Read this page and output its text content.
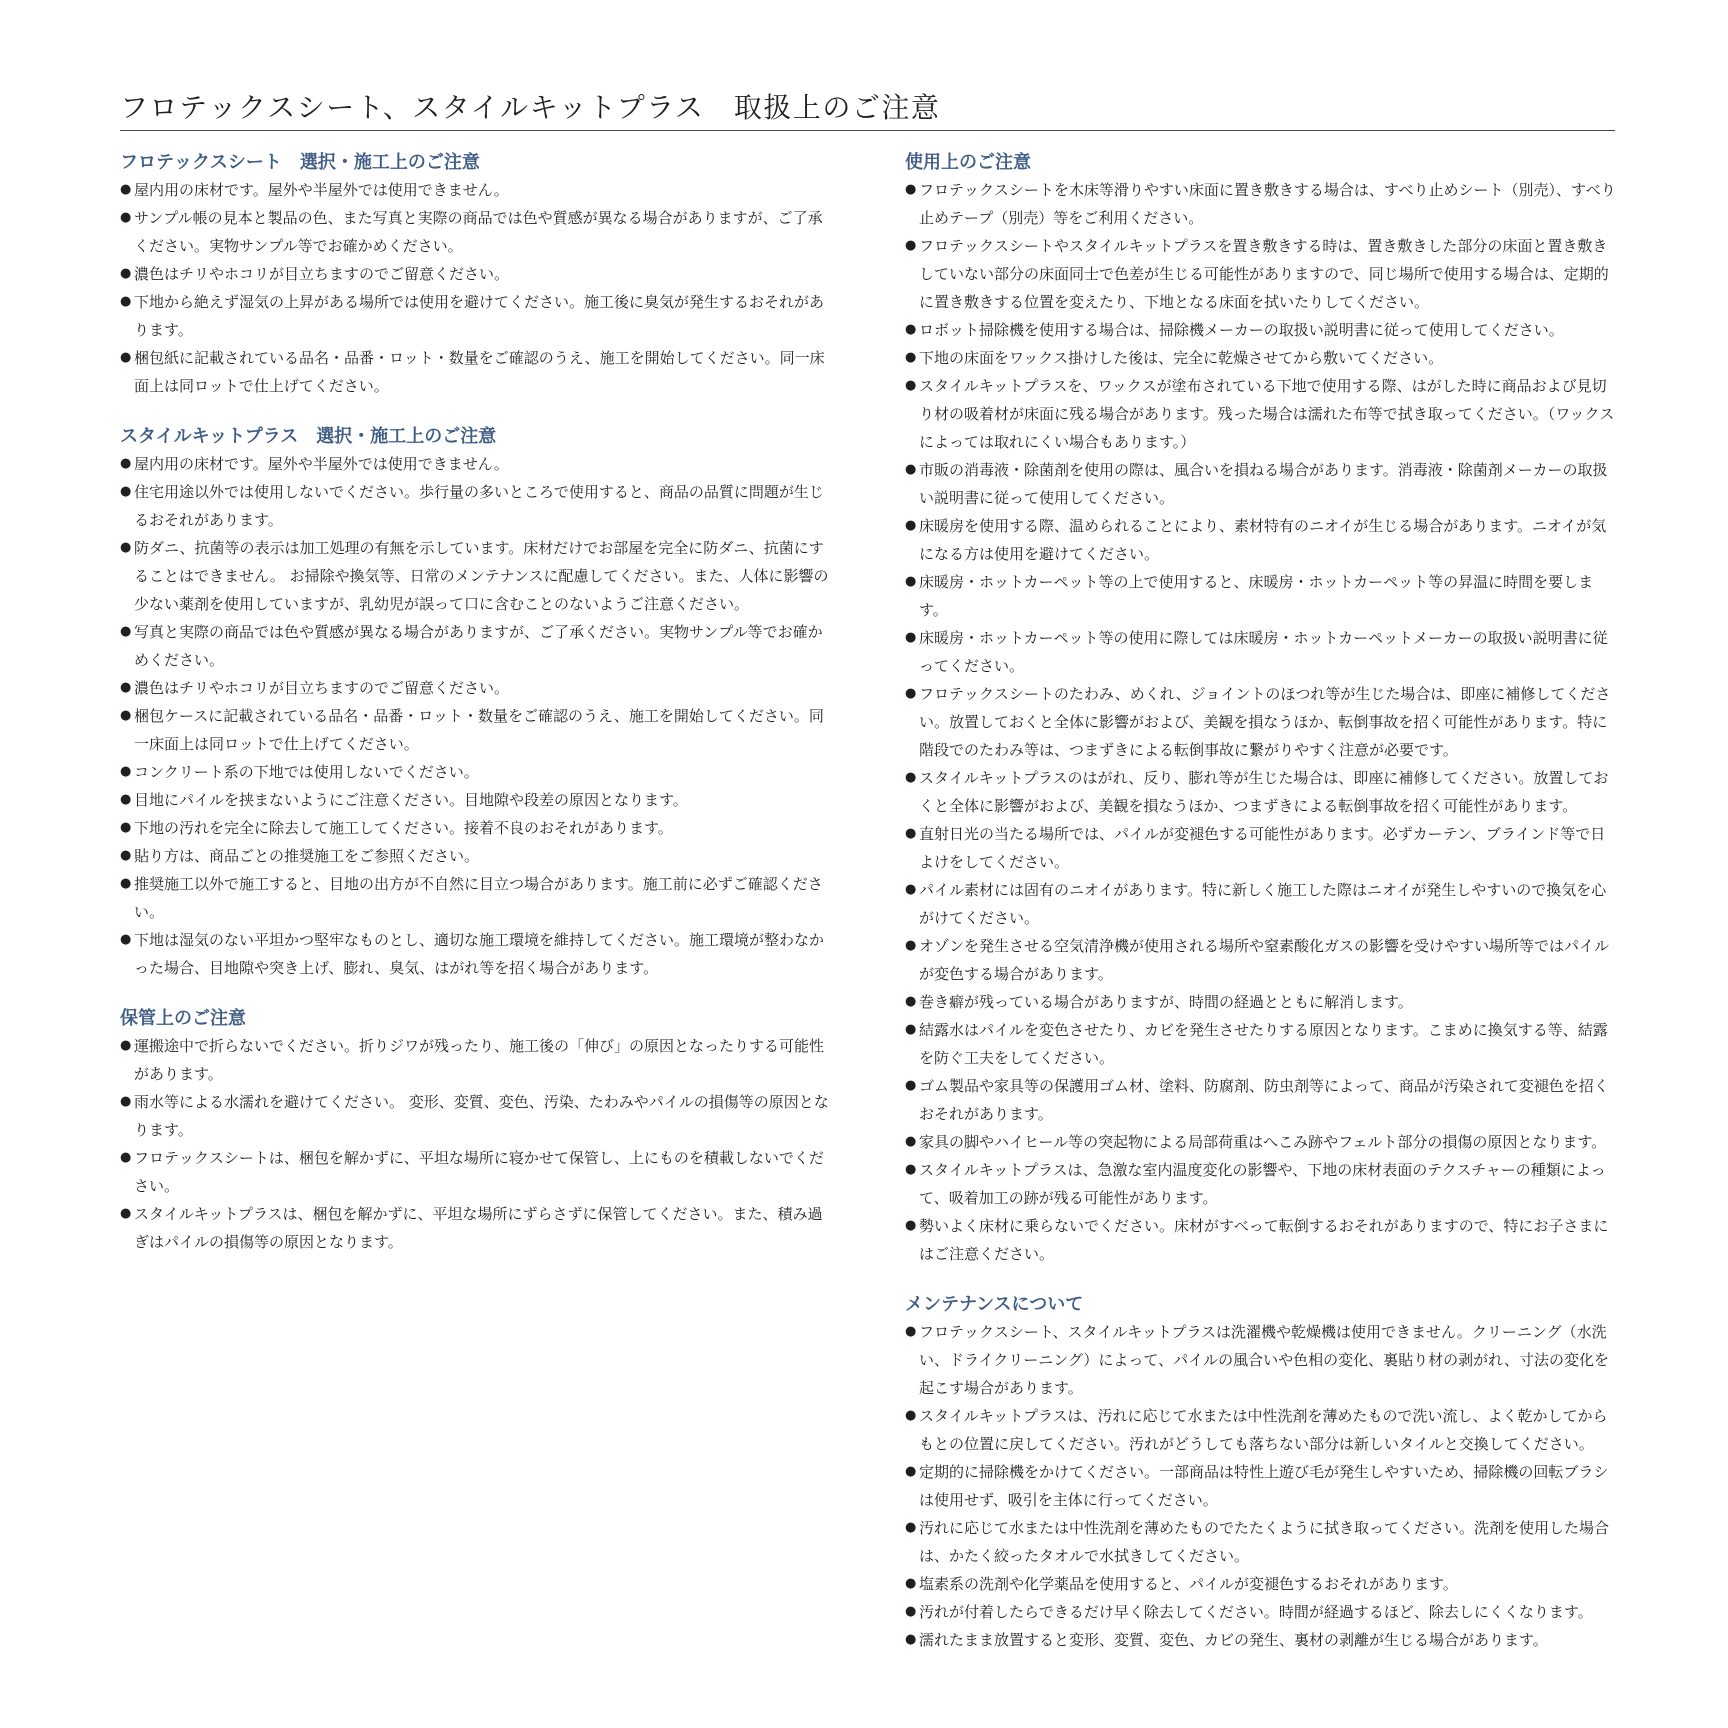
フロテックスシート、スタイルキットプラス　取扱上のご注意
フロテックスシート　選択・施工上のご注意
● 屋内用の床材です。屋外や半屋外では使用できません。
● サンプル帳の見本と製品の色、また写真と実際の商品では色や質感が異なる場合がありますが、ご了承ください。実物サンプル等でお確かめください。
● 濃色はチリやホコリが目立ちますのでご留意ください。
● 下地から絶えず湿気の上昇がある場所では使用を避けてください。施工後に臭気が発生するおそれがあります。
● 梱包紙に記載されている品名・品番・ロット・数量をご確認のうえ、施工を開始してください。同一床面上は同ロットで仕上げてください。
スタイルキットプラス　選択・施工上のご注意
● 屋内用の床材です。屋外や半屋外では使用できません。
● 住宅用途以外では使用しないでください。歩行量の多いところで使用すると、商品の品質に問題が生じるおそれがあります。
● 防ダニ、抗菌等の表示は加工処理の有無を示しています。床材だけでお部屋を完全に防ダニ、抗菌にすることはできません。 お掃除や換気等、日常のメンテナンスに配慮してください。また、人体に影響の少ない薬剤を使用していますが、乳幼児が誤って口に含むことのないようご注意ください。
● 写真と実際の商品では色や質感が異なる場合がありますが、ご了承ください。実物サンプル等でお確かめください。
● 濃色はチリやホコリが目立ちますのでご留意ください。
● 梱包ケースに記載されている品名・品番・ロット・数量をご確認のうえ、施工を開始してください。同一床面上は同ロットで仕上げてください。
● コンクリート系の下地では使用しないでください。
● 目地にパイルを挟まないようにご注意ください。目地隙や段差の原因となります。
● 下地の汚れを完全に除去して施工してください。接着不良のおそれがあります。
● 貼り方は、商品ごとの推奨施工をご参照ください。
● 推奨施工以外で施工すると、目地の出方が不自然に目立つ場合があります。施工前に必ずご確認ください。
● 下地は湿気のない平坦かつ堅牢なものとし、適切な施工環境を維持してください。施工環境が整わなかった場合、目地隙や突き上げ、膨れ、臭気、はがれ等を招く場合があります。
保管上のご注意
● 運搬途中で折らないでください。折りジワが残ったり、施工後の「伸び」の原因となったりする可能性があります。
● 雨水等による水濡れを避けてください。 変形、変質、変色、汚染、たわみやパイルの損傷等の原因となります。
● フロテックスシートは、梱包を解かずに、平坦な場所に寝かせて保管し、上にものを積載しないでください。
● スタイルキットプラスは、梱包を解かずに、平坦な場所にずらさずに保管してください。また、積み過ぎはパイルの損傷等の原因となります。
使用上のご注意
● フロテックスシートを木床等滑りやすい床面に置き敷きする場合は、すべり止めシート（別売）、すべり止めテープ（別売）等をご利用ください。
● フロテックスシートやスタイルキットプラスを置き敷きする時は、置き敷きした部分の床面と置き敷きしていない部分の床面同士で色差が生じる可能性がありますので、同じ場所で使用する場合は、定期的に置き敷きする位置を変えたり、下地となる床面を拭いたりしてください。
● ロボット掃除機を使用する場合は、掃除機メーカーの取扱い説明書に従って使用してください。
● 下地の床面をワックス掛けした後は、完全に乾燥させてから敷いてください。
● スタイルキットプラスを、ワックスが塗布されている下地で使用する際、はがした時に商品および見切り材の吸着材が床面に残る場合があります。残った場合は濡れた布等で拭き取ってください。（ワックスによっては取れにくい場合もあります。）
● 市販の消毒液・除菌剤を使用の際は、風合いを損ねる場合があります。消毒液・除菌剤メーカーの取扱い説明書に従って使用してください。
● 床暖房を使用する際、温められることにより、素材特有のニオイが生じる場合があります。ニオイが気になる方は使用を避けてください。
● 床暖房・ホットカーペット等の上で使用すると、床暖房・ホットカーペット等の昇温に時間を要します。
● 床暖房・ホットカーペット等の使用に際しては床暖房・ホットカーペットメーカーの取扱い説明書に従ってください。
● フロテックスシートのたわみ、めくれ、ジョイントのほつれ等が生じた場合は、即座に補修してください。放置しておくと全体に影響がおよび、美観を損なうほか、転倒事故を招く可能性があります。特に階段でのたわみ等は、つまずきによる転倒事故に繋がりやすく注意が必要です。
● スタイルキットプラスのはがれ、反り、膨れ等が生じた場合は、即座に補修してください。放置しておくと全体に影響がおよび、美観を損なうほか、つまずきによる転倒事故を招く可能性があります。
● 直射日光の当たる場所では、パイルが変褪色する可能性があります。必ずカーテン、ブラインド等で日よけをしてください。
● パイル素材には固有のニオイがあります。特に新しく施工した際はニオイが発生しやすいので換気を心がけてください。
● オゾンを発生させる空気清浄機が使用される場所や窒素酸化ガスの影響を受けやすい場所等ではパイルが変色する場合があります。
● 巻き癖が残っている場合がありますが、時間の経過とともに解消します。
● 結露水はパイルを変色させたり、カビを発生させたりする原因となります。こまめに換気する等、結露を防ぐ工夫をしてください。
● ゴム製品や家具等の保護用ゴム材、塗料、防腐剤、防虫剤等によって、商品が汚染されて変褪色を招くおそれがあります。
● 家具の脚やハイヒール等の突起物による局部荷重はへこみ跡やフェルト部分の損傷の原因となります。
● スタイルキットプラスは、急激な室内温度変化の影響や、下地の床材表面のテクスチャーの種類によって、吸着加工の跡が残る可能性があります。
● 勢いよく床材に乗らないでください。床材がすべって転倒するおそれがありますので、特にお子さまにはご注意ください。
メンテナンスについて
● フロテックスシート、スタイルキットプラスは洗濯機や乾燥機は使用できません。クリーニング（水洗い、ドライクリーニング）によって、パイルの風合いや色相の変化、裏貼り材の剥がれ、寸法の変化を起こす場合があります。
● スタイルキットプラスは、汚れに応じて水または中性洗剤を薄めたもので洗い流し、よく乾かしてからもとの位置に戻してください。汚れがどうしても落ちない部分は新しいタイルと交換してください。
● 定期的に掃除機をかけてください。一部商品は特性上遊び毛が発生しやすいため、掃除機の回転ブラシは使用せず、吸引を主体に行ってください。
● 汚れに応じて水または中性洗剤を薄めたものでたたくように拭き取ってください。洗剤を使用した場合は、かたく絞ったタオルで水拭きしてください。
● 塩素系の洗剤や化学薬品を使用すると、パイルが変褪色するおそれがあります。
● 汚れが付着したらできるだけ早く除去してください。時間が経過するほど、除去しにくくなります。
● 濡れたまま放置すると変形、変質、変色、カビの発生、裏材の剥離が生じる場合があります。
